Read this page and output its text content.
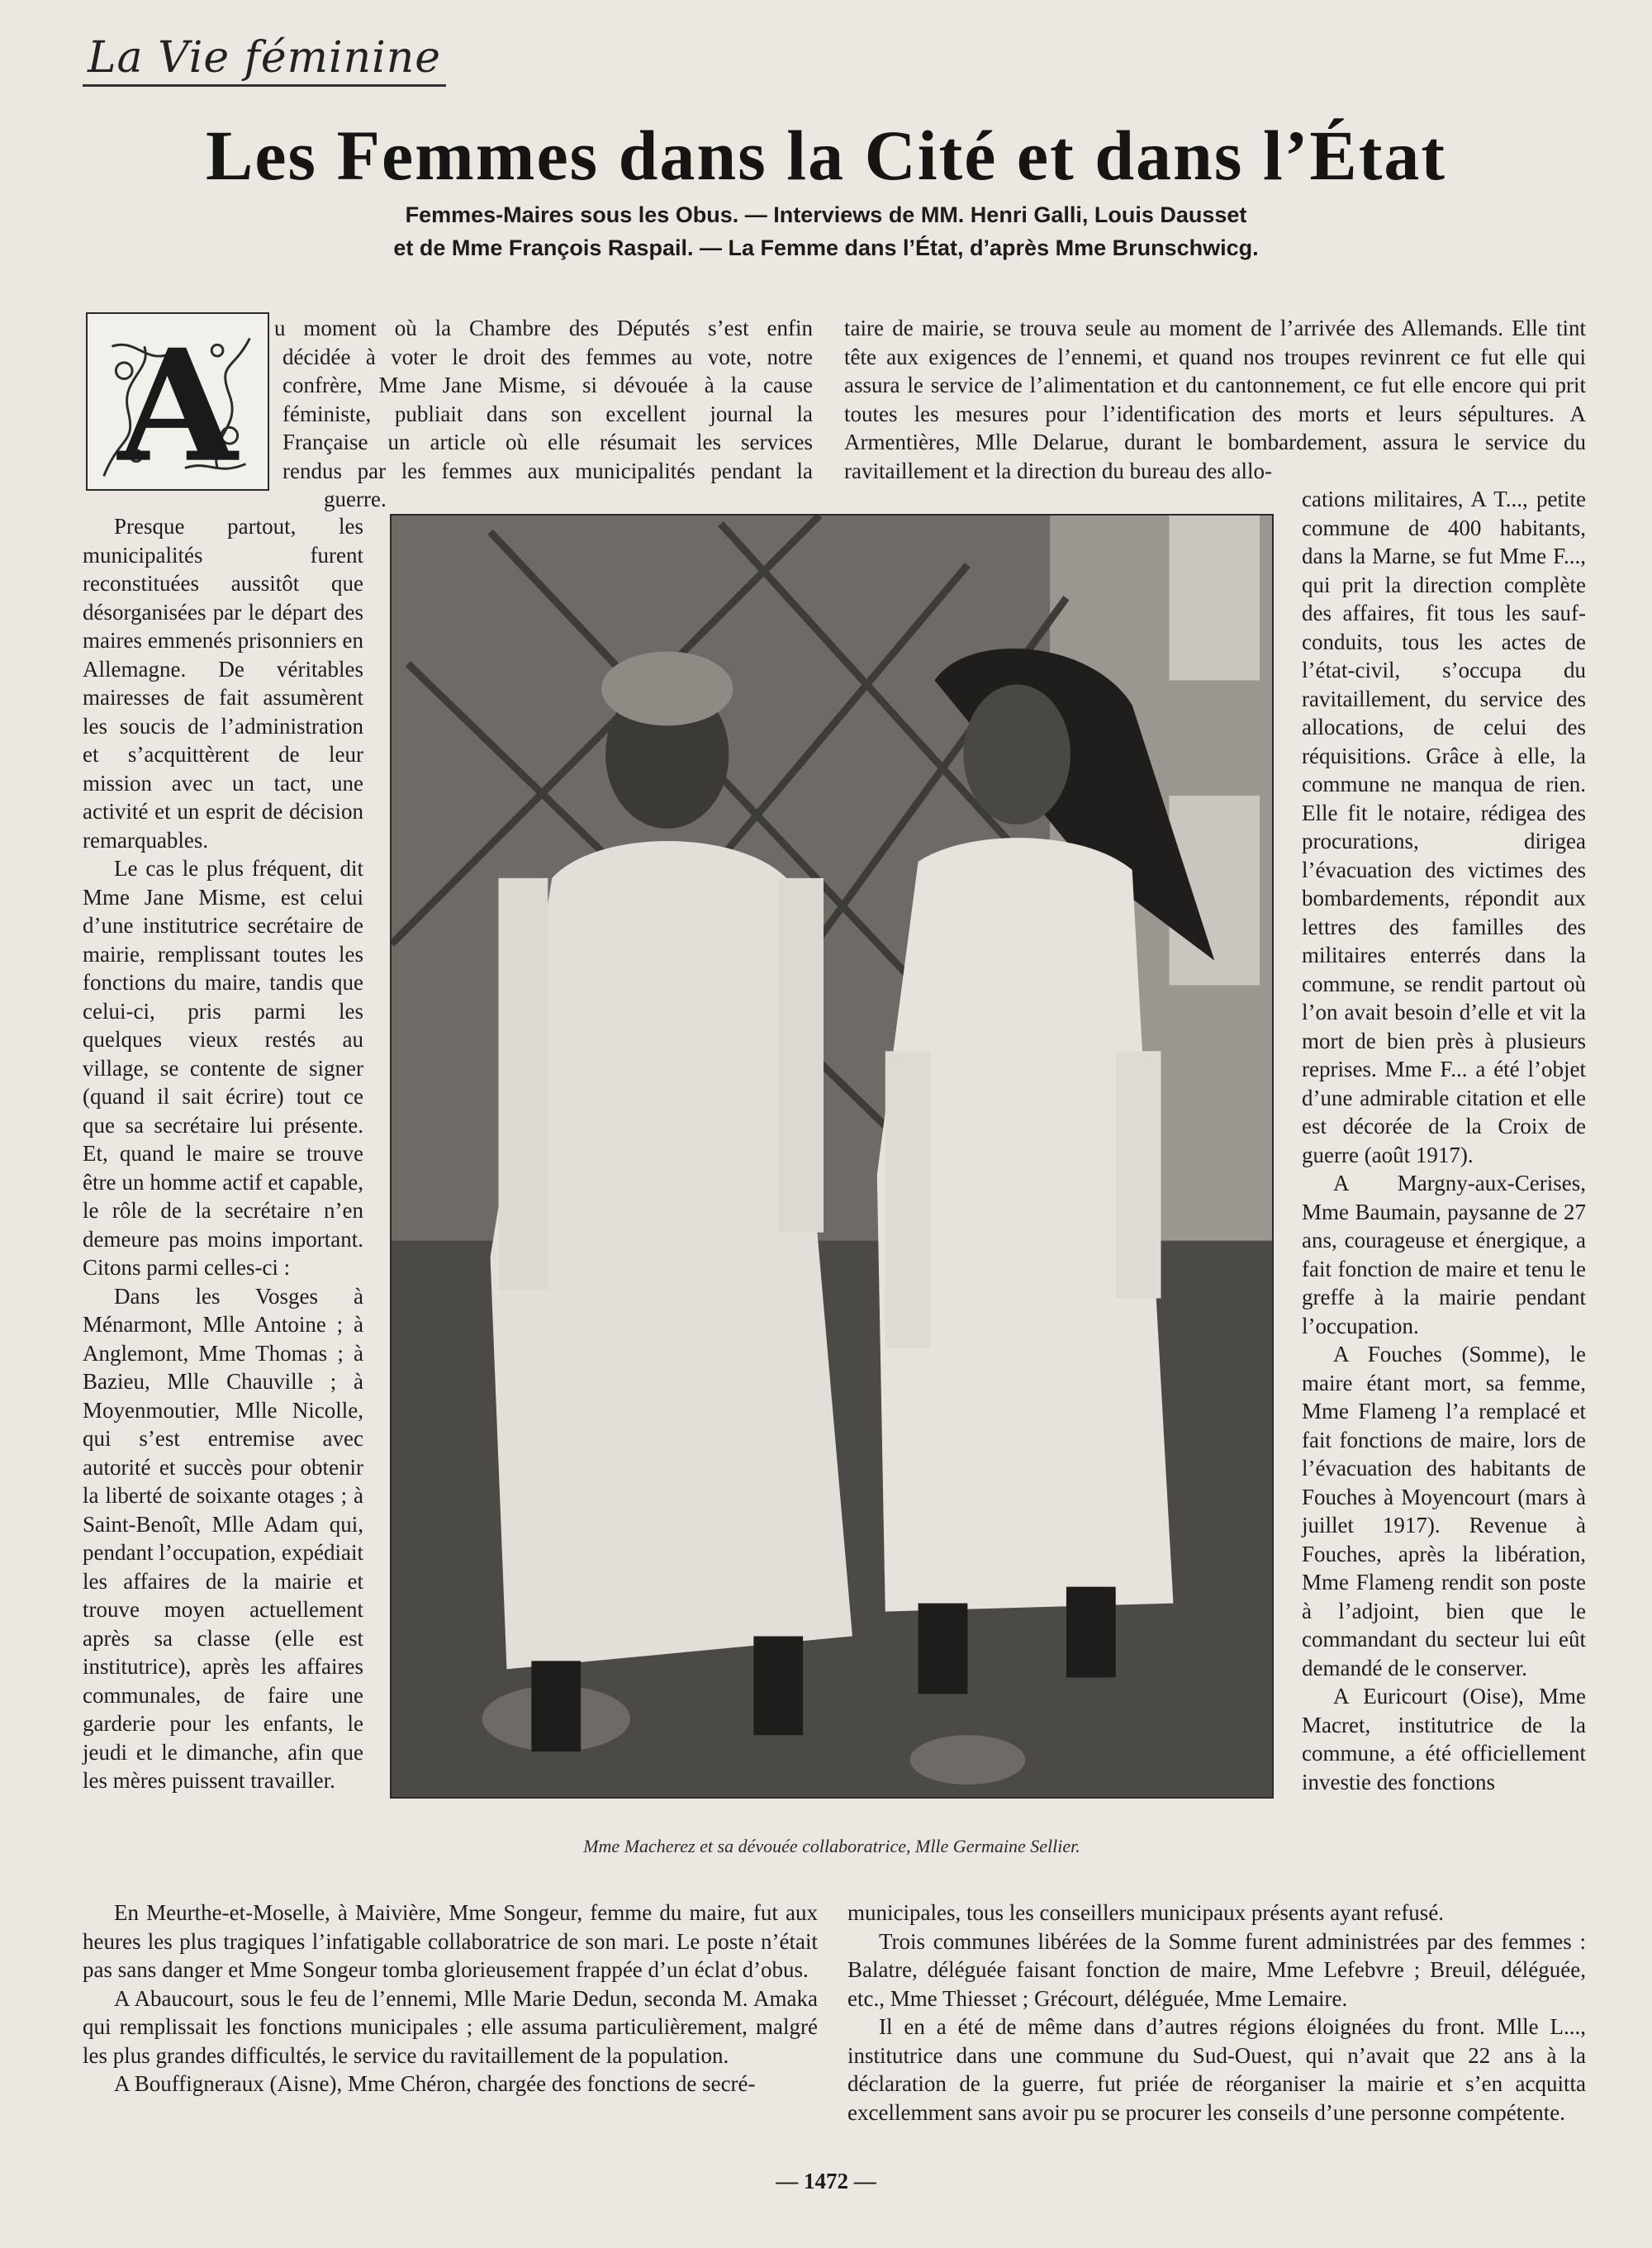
La Vie féminine
Les Femmes dans la Cité et dans l’État
Femmes-Maires sous les Obus. — Interviews de MM. Henri Galli, Louis Dausset
et de Mme François Raspail. — La Femme dans l’État, d’après Mme Brunschwicg.
A u moment où la Chambre des Députés s’est enfin
décidée à voter le droit des femmes au vote, notre
confrère, Mme Jane Misme, si dévouée à la cause
féministe, publiait dans son excellent journal la
Française un article où elle résumait les services
rendus par les femmes aux municipalités pendant la
guerre.

Presque partout, les municipalités furent reconstituées aussitôt que désorganisées par le départ des maires emmenés prisonniers en Allemagne. De véritables mairesses de fait assumèrent les soucis de l’administration et s’acquittèrent de leur mission avec un tact, une activité et un esprit de décision remarquables.

Le cas le plus fréquent, dit Mme Jane Misme, est celui d’une institutrice secrétaire de mairie, remplissant toutes les fonctions du maire, tandis que celui-ci, pris parmi les quelques vieux restés au village, se contente de signer (quand il sait écrire) tout ce que sa secrétaire lui présente. Et, quand le maire se trouve être un homme actif et capable, le rôle de la secrétaire n’en demeure pas moins important. Citons parmi celles-ci :

Dans les Vosges à Ménarmont, Mlle Antoine ; à Anglemont, Mme Thomas ; à Bazieu, Mlle Chauville ; à Moyenmoutier, Mlle Nicolle, qui s’est entremise avec autorité et succès pour obtenir la liberté de soixante otages ; à Saint-Benoît, Mlle Adam qui, pendant l’occupation, expédiait les affaires de la mairie et trouve moyen actuellement après sa classe (elle est institutrice), après les affaires communales, de faire une garderie pour les enfants, le jeudi et le dimanche, afin que les mères puissent travailler.

taire de mairie, se trouva seule au moment de l’arrivée des Allemands. Elle tint tête aux exigences de l’ennemi, et quand nos troupes revinrent ce fut elle qui assura le service de l’alimentation et du cantonnement, ce fut elle encore qui prit toutes les mesures pour l’identification des morts et leurs sépultures. A Armentières, Mlle Delarue, durant le bombardement, assura le service du ravitaillement et la direction du bureau des allo-

Mme Macherez et sa dévouée collaboratrice, Mlle Germaine Sellier.

cations militaires, A T..., petite commune de 400 habitants, dans la Marne, se fut Mme F..., qui prit la direction complète des affaires, fit tous les sauf-conduits, tous les actes de l’état-civil, s’occupa du ravitaillement, du service des allocations, de celui des réquisitions. Grâce à elle, la commune ne manqua de rien. Elle fit le notaire, rédigea des procurations, dirigea l’évacuation des victimes des bombardements, répondit aux lettres des familles des militaires enterrés dans la commune, se rendit partout où l’on avait besoin d’elle et vit la mort de bien près à plusieurs reprises. Mme F... a été l’objet d’une admirable citation et elle est décorée de la Croix de guerre (août 1917).

A Margny-aux-Cerises, Mme Baumain, paysanne de 27 ans, courageuse et énergique, a fait fonction de maire et tenu le greffe à la mairie pendant l’occupation.

A Fouches (Somme), le maire étant mort, sa femme, Mme Flameng l’a remplacé et fait fonctions de maire, lors de l’évacuation des habitants de Fouches à Moyencourt (mars à juillet 1917). Revenue à Fouches, après la libération, Mme Flameng rendit son poste à l’adjoint, bien que le commandant du secteur lui eût demandé de le conserver.

A Euricourt (Oise), Mme Macret, institutrice de la commune, a été officiellement investie des fonctions

En Meurthe-et-Moselle, à Maivière, Mme Songeur, femme du maire, fut aux heures les plus tragiques l’infatigable collaboratrice de son mari. Le poste n’était pas sans danger et Mme Songeur tomba glorieusement frappée d’un éclat d’obus.

A Abaucourt, sous le feu de l’ennemi, Mlle Marie Dedun, seconda M. Amaka qui remplissait les fonctions municipales ; elle assuma particulièrement, malgré les plus grandes difficultés, le service du ravitaillement de la population.

A Bouffigneraux (Aisne), Mme Chéron, chargée des fonctions de secré-

municipales, tous les conseillers municipaux présents ayant refusé.

Trois communes libérées de la Somme furent administrées par des femmes : Balatre, déléguée faisant fonction de maire, Mme Lefebvre ; Breuil, déléguée, etc., Mme Thiesset ; Grécourt, déléguée, Mme Lemaire.

Il en a été de même dans d’autres régions éloignées du front. Mlle L..., institutrice dans une commune du Sud-Ouest, qui n’avait que 22 ans à la déclaration de la guerre, fut priée de réorganiser la mairie et s’en acquitta excellemment sans avoir pu se procurer les conseils d’une personne compétente.

— 1472 —
